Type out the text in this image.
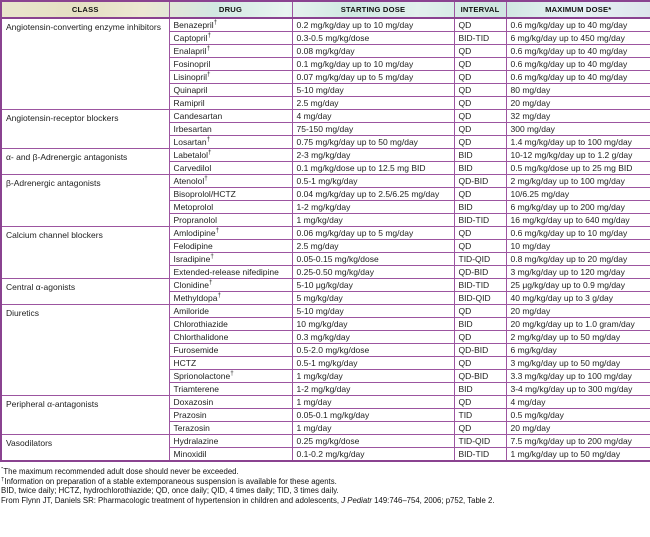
CLASS	DRUG	STARTING DOSE	INTERVAL	MAXIMUM DOSE*
Angiotensin-converting enzyme inhibitors	Benazepril†	0.2 mg/kg/day up to 10 mg/day	QD	0.6 mg/kg/day up to 40 mg/day
	Captopril†	0.3-0.5 mg/kg/dose	BID-TID	6 mg/kg/day up to 450 mg/day
	Enalapril†	0.08 mg/kg/day	QD	0.6 mg/kg/day up to 40 mg/day
	Fosinopril	0.1 mg/kg/day up to 10 mg/day	QD	0.6 mg/kg/day up to 40 mg/day
	Lisinopril†	0.07 mg/kg/day up to 5 mg/day	QD	0.6 mg/kg/day up to 40 mg/day
	Quinapril	5-10 mg/day	QD	80 mg/day
	Ramipril	2.5 mg/day	QD	20 mg/day
Angiotensin-receptor blockers	Candesartan	4 mg/day	QD	32 mg/day
	Irbesartan	75-150 mg/day	QD	300 mg/day
	Losartan†	0.75 mg/kg/day up to 50 mg/day	QD	1.4 mg/kg/day up to 100 mg/day
α- and β-Adrenergic antagonists	Labetalol†	2-3 mg/kg/day	BID	10-12 mg/kg/day up to 1.2 g/day
	Carvedilol	0.1 mg/kg/dose up to 12.5 mg BID	BID	0.5 mg/kg/dose up to 25 mg BID
β-Adrenergic antagonists	Atenolol†	0.5-1 mg/kg/day	QD-BID	2 mg/kg/day up to 100 mg/day
	Bisoprolol/HCTZ	0.04 mg/kg/day up to 2.5/6.25 mg/day	QD	10/6.25 mg/day
	Metoprolol	1-2 mg/kg/day	BID	6 mg/kg/day up to 200 mg/day
	Propranolol	1 mg/kg/day	BID-TID	16 mg/kg/day up to 640 mg/day
Calcium channel blockers	Amlodipine†	0.06 mg/kg/day up to 5 mg/day	QD	0.6 mg/kg/day up to 10 mg/day
	Felodipine	2.5 mg/day	QD	10 mg/day
	Isradipine†	0.05-0.15 mg/kg/dose	TID-QID	0.8 mg/kg/day up to 20 mg/day
	Extended-release nifedipine	0.25-0.50 mg/kg/day	QD-BID	3 mg/kg/day up to 120 mg/day
Central α-agonists	Clonidine†	5-10 μg/kg/day	BID-TID	25 μg/kg/day up to 0.9 mg/day
	Methyldopa†	5 mg/kg/day	BID-QID	40 mg/kg/day up to 3 g/day
Diuretics	Amiloride	5-10 mg/day	QD	20 mg/day
	Chlorothiazide	10 mg/kg/day	BID	20 mg/kg/day up to 1.0 gram/day
	Chlorthalidone	0.3 mg/kg/day	QD	2 mg/kg/day up to 50 mg/day
	Furosemide	0.5-2.0 mg/kg/dose	QD-BID	6 mg/kg/day
	HCTZ	0.5-1 mg/kg/day	QD	3 mg/kg/day up to 50 mg/day
	Sprionolactone†	1 mg/kg/day	QD-BID	3.3 mg/kg/day up to 100 mg/day
	Triamterene	1-2 mg/kg/day	BID	3-4 mg/kg/day up to 300 mg/day
Peripheral α-antagonists	Doxazosin	1 mg/day	QD	4 mg/day
	Prazosin	0.05-0.1 mg/kg/day	TID	0.5 mg/kg/day
	Terazosin	1 mg/day	QD	20 mg/day
Vasodilators	Hydralazine	0.25 mg/kg/dose	TID-QID	7.5 mg/kg/day up to 200 mg/day
	Minoxidil	0.1-0.2 mg/kg/day	BID-TID	1 mg/kg/day up to 50 mg/day
*The maximum recommended adult dose should never be exceeded.
†Information on preparation of a stable extemporaneous suspension is available for these agents.
BID, twice daily; HCTZ, hydrochlorothiazide; QD, once daily; QID, 4 times daily; TID, 3 times daily.
From Flynn JT, Daniels SR: Pharmacologic treatment of hypertension in children and adolescents, J Pediatr 149:746–754, 2006; p752, Table 2.
